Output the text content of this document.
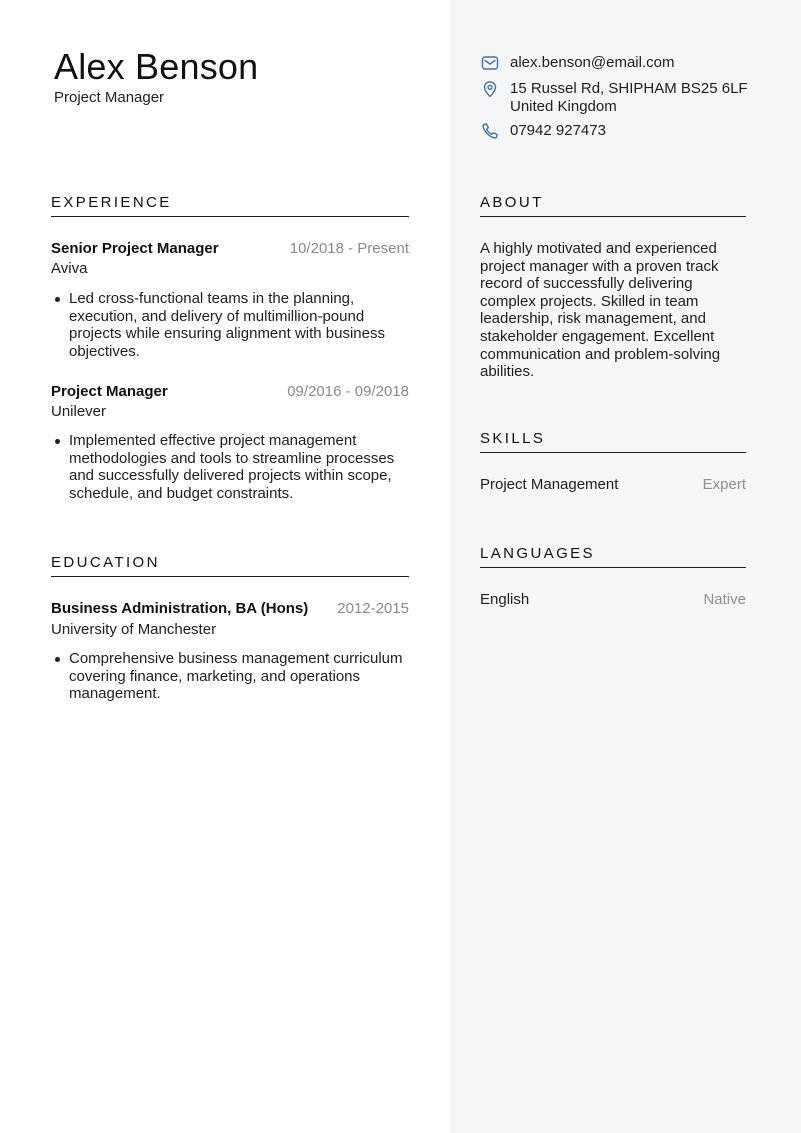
Alex Benson
Project Manager
alex.benson@email.com
15 Russel Rd, SHIPHAM BS25 6LF
United Kingdom
07942 927473
EXPERIENCE
Senior Project Manager	10/2018 - Present
Aviva
Led cross-functional teams in the planning, execution, and delivery of multimillion-pound projects while ensuring alignment with business objectives.
Project Manager	09/2016 - 09/2018
Unilever
Implemented effective project management methodologies and tools to streamline processes and successfully delivered projects within scope, schedule, and budget constraints.
EDUCATION
Business Administration, BA (Hons) 2012-2015
University of Manchester
Comprehensive business management curriculum covering finance, marketing, and operations management.
ABOUT
A highly motivated and experienced project manager with a proven track record of successfully delivering complex projects. Skilled in team leadership, risk management, and stakeholder engagement. Excellent communication and problem-solving abilities.
SKILLS
Project Management	Expert
LANGUAGES
English	Native
